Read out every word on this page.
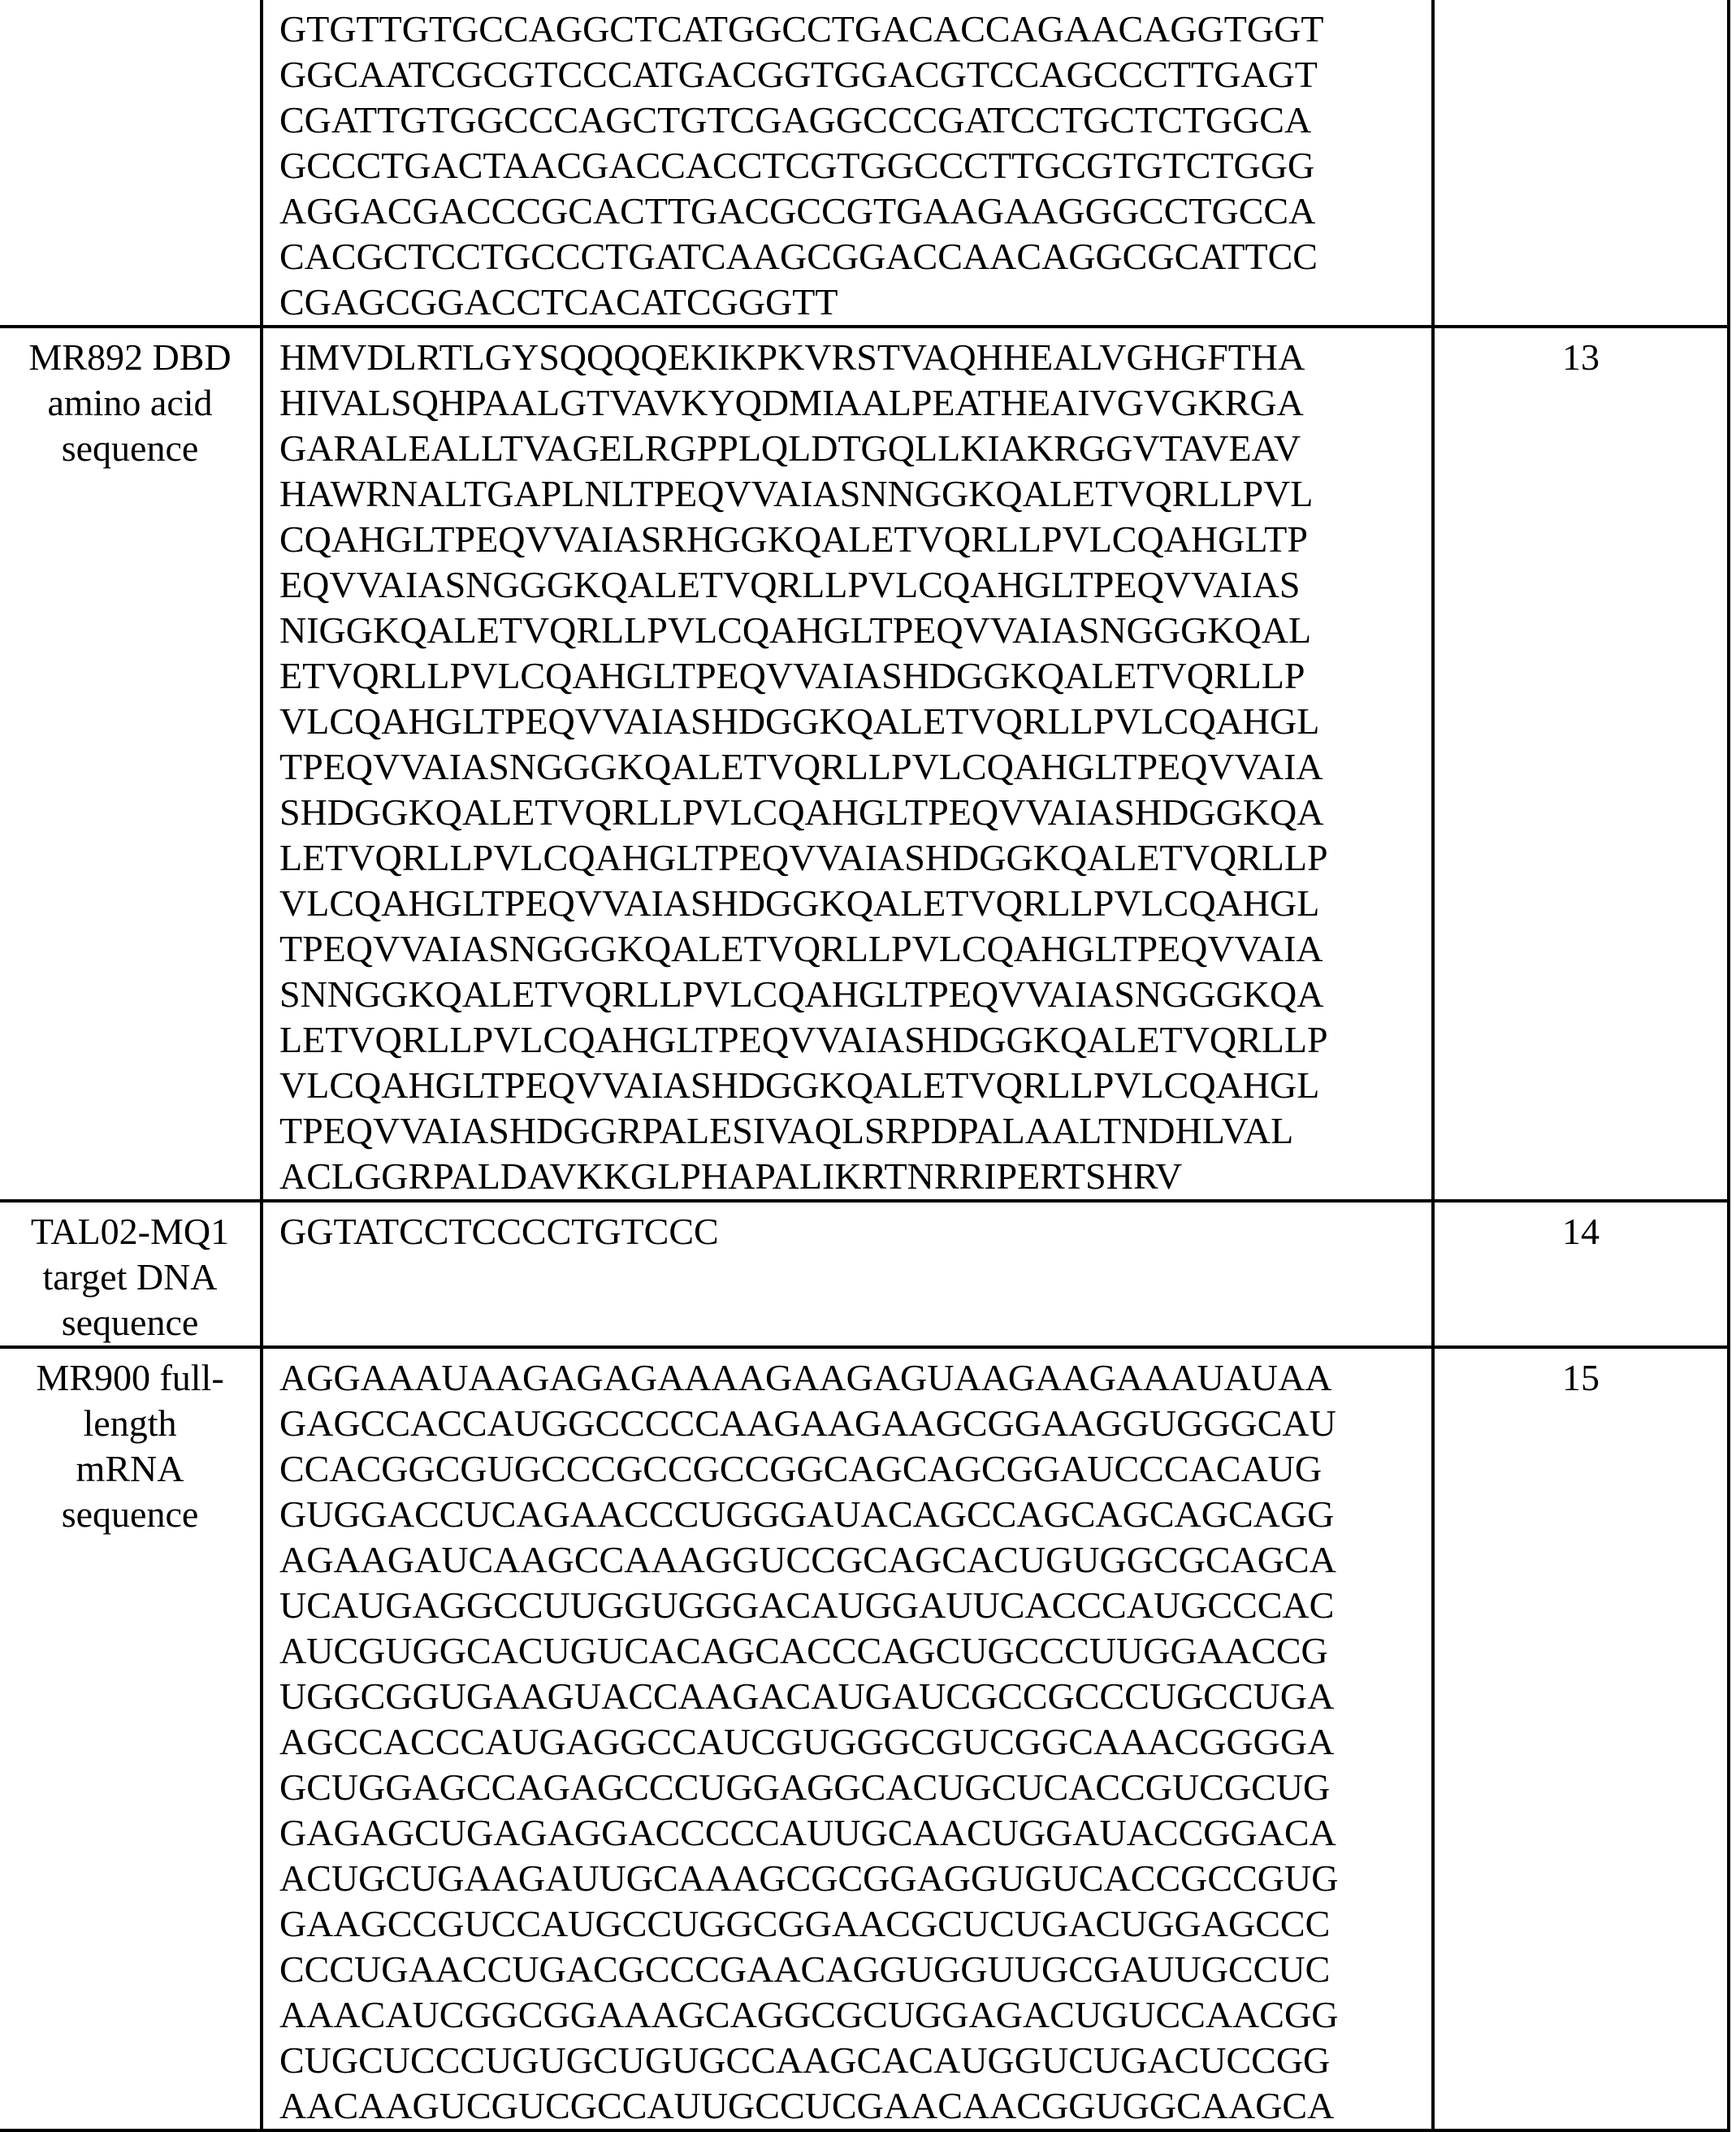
GTGTTGTGCCAGGCTCATGGCCTGACACCAGAACAGGTGGT
GGCAATCGCGTCCCATGACGGTGGACGTCCAGCCCTTGAGT
CGATTGTGGCCCAGCTGTCGAGGCCCGATCCTGCTCTGGCA
GCCCTGACTAACGACCACCTCGTGGCCCTTGCGTGTCTGGG
AGGACGACCCGCACTTGACGCCGTGAAGAAGGGCCTGCCA
CACGCTCCTGCCCTGATCAAGCGGACCAACAGGCGCATTCC
CGAGCGGACCTCACATCGGGTT

MR892 DBD
amino acid
sequence

HMVDLRTLGYSQQQQEKIKPKVRSTVAQHHEALVGHGFTHA
HIVALSQHPAALGTVAVKYQDMIAALPEATHEAIVGVGKRGA
GARALEALLTVAGELRGPPLQLDTGQLLKIAKRGGVTAVEAV
HAWRNALTGAPLNLTPEQVVAIASNNGGKQALETVQRLLPVL
CQAHGLTPEQVVAIASRHGGKQALETVQRLLPVLCQAHGLTP
EQVVAIASNGGGKQALETVQRLLPVLCQAHGLTPEQVVAIAS
NIGGKQALETVQRLLPVLCQAHGLTPEQVVAIASNGGGKQAL
ETVQRLLPVLCQAHGLTPEQVVAIASHDGGKQALETVQRLLP
VLCQAHGLTPEQVVAIASHDGGKQALETVQRLLPVLCQAHGL
TPEQVVAIASNGGGKQALETVQRLLPVLCQAHGLTPEQVVAIA
SHDGGKQALETVQRLLPVLCQAHGLTPEQVVAIASHDGGKQA
LETVQRLLPVLCQAHGLTPEQVVAIASHDGGKQALETVQRLLP
VLCQAHGLTPEQVVAIASHDGGKQALETVQRLLPVLCQAHGL
TPEQVVAIASNGGGKQALETVQRLLPVLCQAHGLTPEQVVAIA
SNNGGKQALETVQRLLPVLCQAHGLTPEQVVAIASNGGGKQA
LETVQRLLPVLCQAHGLTPEQVVAIASHDGGKQALETVQRLLP
VLCQAHGLTPEQVVAIASHDGGKQALETVQRLLPVLCQAHGL
TPEQVVAIASHDGGRPALESIVAQLSRPDPALAALTNDHLVAL
ACLGGRPALDAVKKGLPHAPALIKRTNRRIPERTSHRV

13

TAL02-MQ1
target DNA
sequence

GGTATCCTCCCCTGTCCC	14

MR900 full-
length
mRNA
sequence

AGGAAAUAAGAGAGAAAAGAAGAGUAAGAAGAAAUAUAA
GAGCCACCAUGGCCCCCAAGAAGAAGCGGAAGGUGGGCAU
CCACGGCGUGCCCGCCGCCGGCAGCAGCGGAUCCCACAUG
GUGGACCUCAGAACCCUGGGAUACAGCCAGCAGCAGCAGG
AGAAGAUCAAGCCAAAGGUCCGCAGCACUGUGGCGCAGCA
UCAUGAGGCCUUGGUGGGACAUGGAUUCACCCAUGCCCAC
AUCGUGGCACUGUCACAGCACCCAGCUGCCCUUGGAACCG
UGGCGGUGAAGUACCAAGACAUGAUCGCCGCCCUGCCUGA
AGCCACCCAUGAGGCCAUCGUGGGCGUCGGCAAACGGGGA
GCUGGAGCCAGAGCCCUGGAGGCACUGCUCACCGUCGCUG
GAGAGCUGAGAGGACCCCCAUUGCAACUGGAUACCGGACA
ACUGCUGAAGAUUGCAAAGCGCGGAGGUGUCACCGCCGUG
GAAGCCGUCCAUGCCUGGCGGAACGCUCUGACUGGAGCCC
CCCUGAACCUGACGCCCGAACAGGUGGUUGCGAUUGCCUC
AAACAUCGGCGGAAAGCAGGCGCUGGAGACUGUCCAACGG
CUGCUCCCUGUGCUGUGCCAAGCACAUGGUCUGACUCCGG
AACAAGUCGUCGCCAUUGCCUCGAACAACGGUGGCAAGCA

15
